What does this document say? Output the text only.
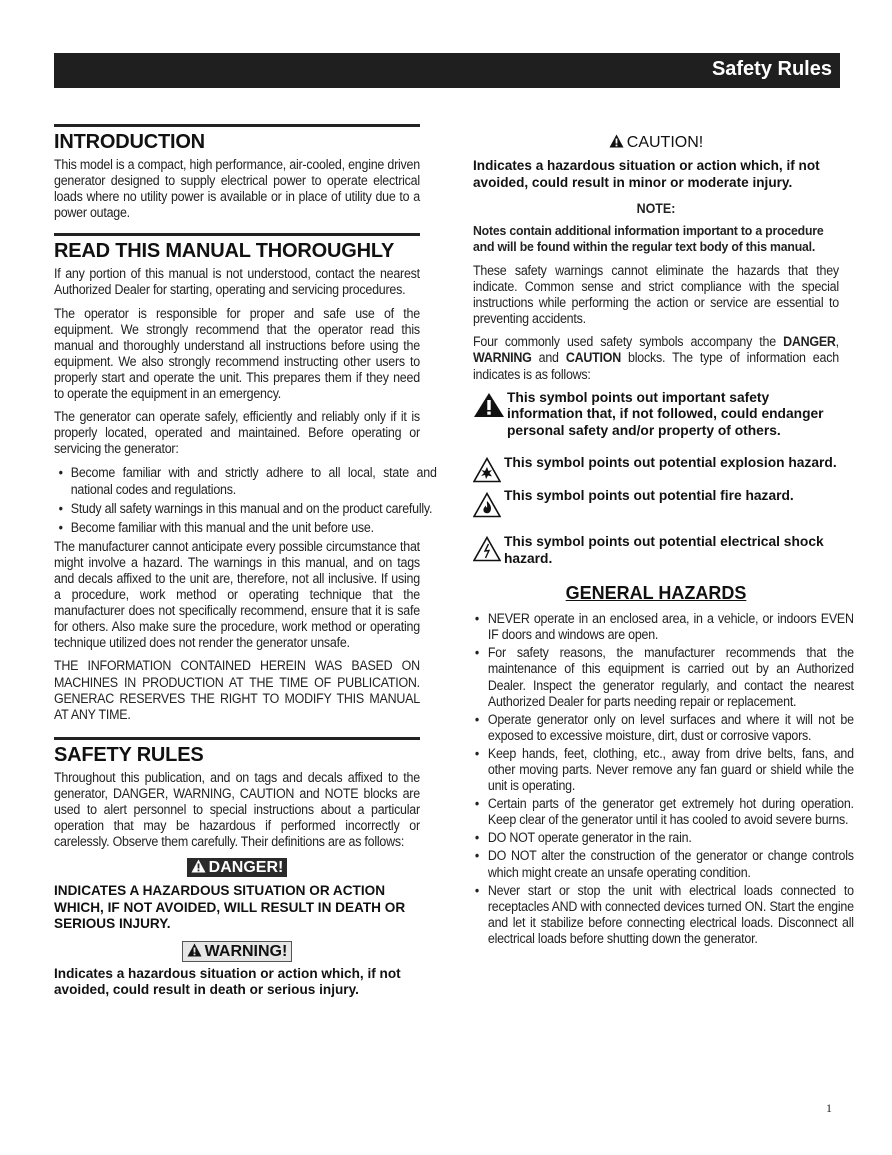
Safety Rules
INTRODUCTION

This model is a compact, high performance, air-cooled, engine driven generator designed to supply electrical power to operate electrical loads where no utility power is available or in place of utility due to a power outage.

READ THIS MANUAL THOROUGHLY

If any portion of this manual is not understood, contact the nearest Authorized Dealer for starting, operating and servicing procedures.

The operator is responsible for proper and safe use of the equipment. We strongly recommend that the operator read this manual and thoroughly understand all instructions before using the equipment. We also strongly recommend instructing other users to properly start and operate the unit. This prepares them if they need to operate the equipment in an emergency.

The generator can operate safely, efficiently and reliably only if it is properly located, operated and maintained. Before operating or servicing the generator:

• Become familiar with and strictly adhere to all local, state and national codes and regulations.
• Study all safety warnings in this manual and on the product carefully.
• Become familiar with this manual and the unit before use.

The manufacturer cannot anticipate every possible circumstance that might involve a hazard. The warnings in this manual, and on tags and decals affixed to the unit are, therefore, not all inclusive. If using a procedure, work method or operating technique that the manufacturer does not specifically recommend, ensure that it is safe for others. Also make sure the procedure, work method or operating technique utilized does not render the generator unsafe.

THE INFORMATION CONTAINED HEREIN WAS BASED ON MACHINES IN PRODUCTION AT THE TIME OF PUBLICATION. GENERAC RESERVES THE RIGHT TO MODIFY THIS MANUAL AT ANY TIME.

SAFETY RULES

Throughout this publication, and on tags and decals affixed to the generator, DANGER, WARNING, CAUTION and NOTE blocks are used to alert personnel to special instructions about a particular operation that may be hazardous if performed incorrectly or carelessly. Observe them carefully. Their definitions are as follows:

DANGER!
INDICATES A HAZARDOUS SITUATION OR ACTION WHICH, IF NOT AVOIDED, WILL RESULT IN DEATH OR SERIOUS INJURY.
WARNING!
Indicates a hazardous situation or action which, if not avoided, could result in death or serious injury.
CAUTION!
Indicates a hazardous situation or action which, if not avoided, could result in minor or moderate injury.
NOTE:
Notes contain additional information important to a procedure and will be found within the regular text body of this manual.

These safety warnings cannot eliminate the hazards that they indicate. Common sense and strict compliance with the special instructions while performing the action or service are essential to preventing accidents.

Four commonly used safety symbols accompany the DANGER, WARNING and CAUTION blocks. The type of information each indicates is as follows:

This symbol points out important safety information that, if not followed, could endanger personal safety and/or property of others.
This symbol points out potential explosion hazard.
This symbol points out potential fire hazard.
This symbol points out potential electrical shock hazard.
GENERAL HAZARDS
• NEVER operate in an enclosed area, in a vehicle, or indoors EVEN IF doors and windows are open.
• For safety reasons, the manufacturer recommends that the maintenance of this equipment is carried out by an Authorized Dealer. Inspect the generator regularly, and contact the nearest Authorized Dealer for parts needing repair or replacement.
• Operate generator only on level surfaces and where it will not be exposed to excessive moisture, dirt, dust or corrosive vapors.
• Keep hands, feet, clothing, etc., away from drive belts, fans, and other moving parts. Never remove any fan guard or shield while the unit is operating.
• Certain parts of the generator get extremely hot during operation. Keep clear of the generator until it has cooled to avoid severe burns.
• DO NOT operate generator in the rain.
• DO NOT alter the construction of the generator or change controls which might create an unsafe operating condition.
• Never start or stop the unit with electrical loads connected to receptacles AND with connected devices turned ON. Start the engine and let it stabilize before connecting electrical loads. Disconnect all electrical loads before shutting down the generator.
1
